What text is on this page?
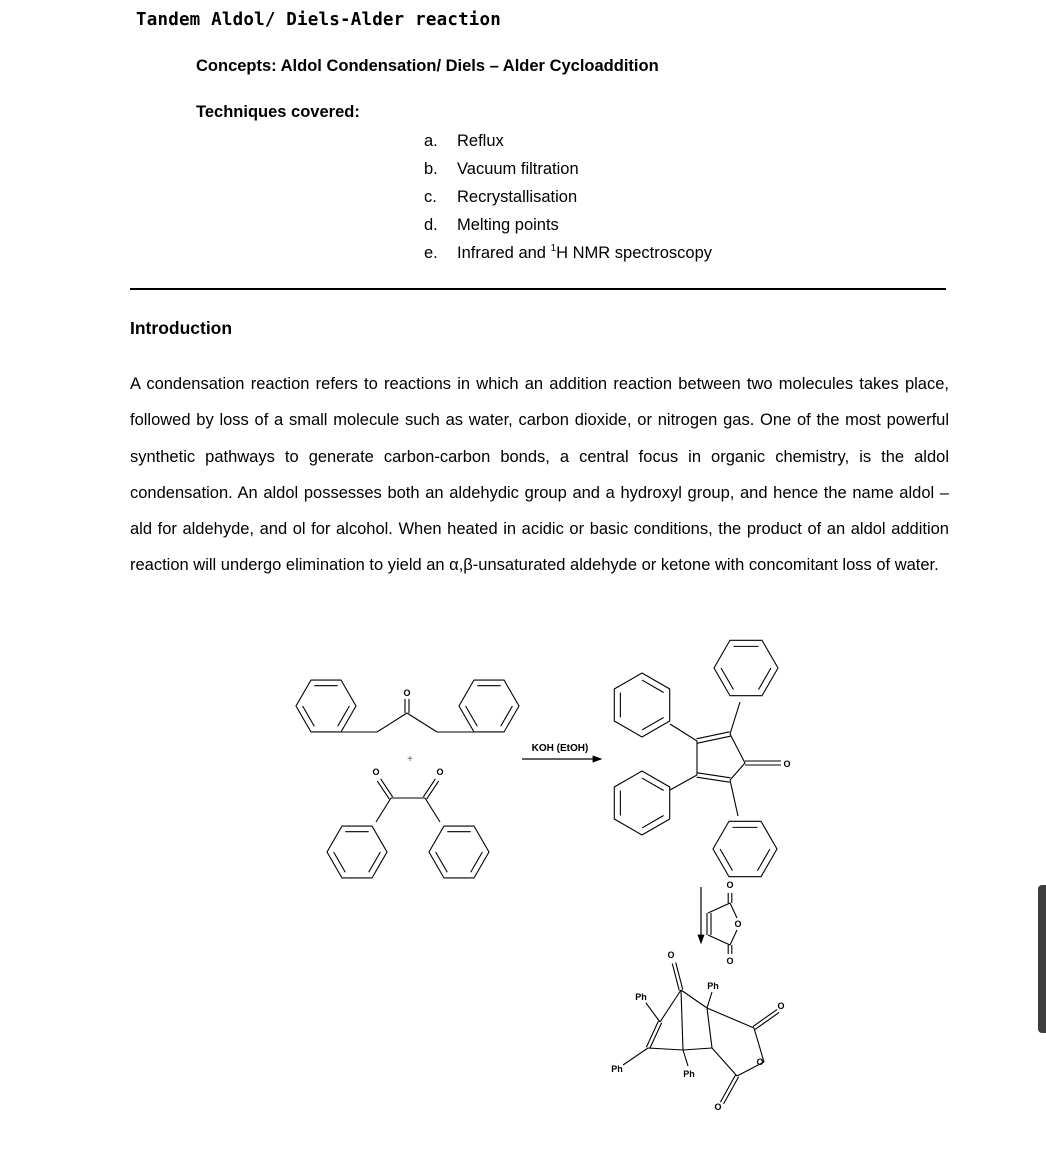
Tandem Aldol/ Diels-Alder reaction
Concepts: Aldol Condensation/ Diels – Alder Cycloaddition
Techniques covered:
a.	Reflux
b.	Vacuum filtration
c.	Recrystallisation
d.	Melting points
e.	Infrared and $^1$H NMR spectroscopy
Introduction

A condensation reaction refers to reactions in which an addition reaction between two molecules takes place, followed by loss of a small molecule such as water, carbon dioxide, or nitrogen gas. One of the most powerful synthetic pathways to generate carbon-carbon bonds, a central focus in organic chemistry, is the aldol condensation. An aldol possesses both an aldehydic group and a hydroxyl group, and hence the name aldol – ald for aldehyde, and ol for alcohol. When heated in acidic or basic conditions, the product of an aldol addition reaction will undergo elimination to yield an α,β-unsaturated aldehyde or ketone with concomitant loss of water.

O
O	O
O
O
O
O
O
O
O
O
Ph
Ph
Ph	Ph
+
KOH (EtOH)
